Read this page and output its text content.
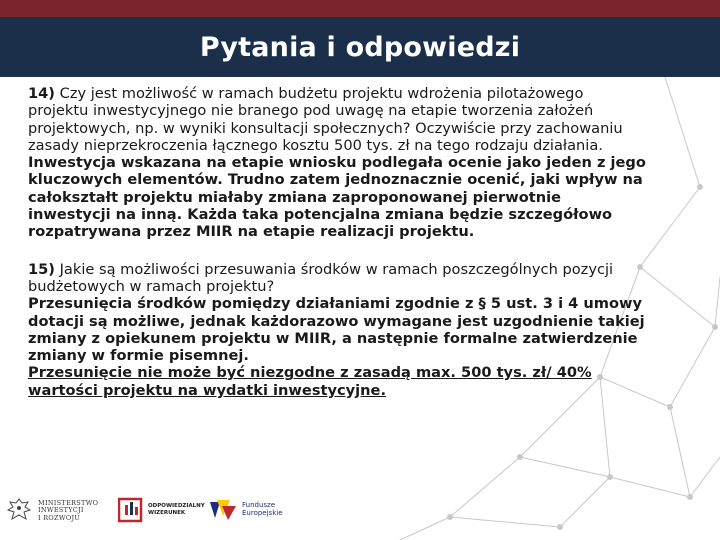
Pytania i odpowiedzi

14) Czy jest możliwość w ramach budżetu projektu wdrożenia pilotażowego projektu inwestycyjnego nie branego pod uwagę na etapie tworzenia założeń projektowych, np. w wyniki konsultacji społecznych? Oczywiście przy zachowaniu zasady nieprzekroczenia łącznego kosztu 500 tys. zł na tego rodzaju działania.

Inwestycja wskazana na etapie wniosku podlegała ocenie jako jeden z jego kluczowych elementów. Trudno zatem jednoznacznie ocenić, jaki wpływ na całokształt projektu miałaby zmiana zaproponowanej pierwotnie inwestycji na inną. Każda taka potencjalna zmiana będzie szczegółowo rozpatrywana przez MIIR na etapie realizacji projektu.

15) Jakie są możliwości przesuwania środków w ramach poszczególnych pozycji budżetowych w ramach projektu?

Przesunięcia środków pomiędzy działaniami zgodnie z § 5 ust. 3 i 4 umowy dotacji są możliwe, jednak każdorazowo wymagane jest uzgodnienie takiej zmiany z opiekunem projektu w MIIR, a następnie formalne zatwierdzenie zmiany w formie pisemnej.

Przesunięcie nie może być niezgodne z zasadą max. 500 tys. zł/ 40% wartości projektu na wydatki inwestycyjne.

MINISTERSTWO
INWESTYCJI
I ROZWOJU
ODPOWIEDZIALNY
WIZERUNEK
Fundusze
Europejskie
